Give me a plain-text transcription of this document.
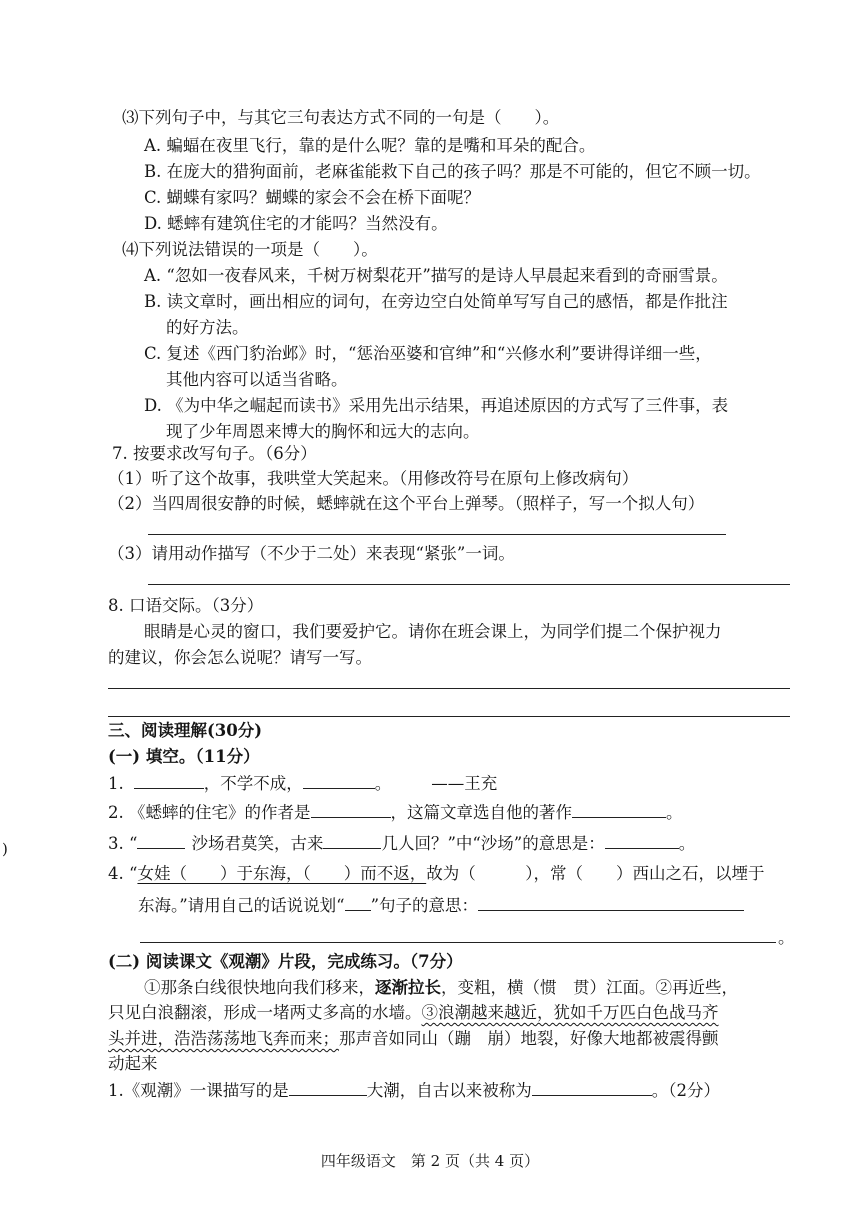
⑶下列句子中，与其它三句表达方式不同的一句是（　　）。
A. 蝙蝠在夜里飞行，靠的是什么呢？靠的是嘴和耳朵的配合。
B. 在庞大的猎狗面前，老麻雀能救下自己的孩子吗？那是不可能的，但它不顾一切。
C. 蝴蝶有家吗？蝴蝶的家会不会在桥下面呢？
D. 蟋蟀有建筑住宅的才能吗？当然没有。
⑷下列说法错误的一项是（　　）。
A. “忽如一夜春风来，千树万树梨花开”描写的是诗人早晨起来看到的奇丽雪景。
B. 读文章时，画出相应的词句，在旁边空白处简单写写自己的感悟，都是作批注
的好方法。
C. 复述《西门豹治邺》时，“惩治巫婆和官绅”和“兴修水利”要讲得详细一些，
其他内容可以适当省略。
D. 《为中华之崛起而读书》采用先出示结果，再追述原因的方式写了三件事，表
现了少年周恩来博大的胸怀和远大的志向。
7. 按要求改写句子。（6分）
（1）听了这个故事，我哄堂大笑起来。（用修改符号在原句上修改病句）
（2）当四周很安静的时候，蟋蟀就在这个平台上弹琴。（照样子，写一个拟人句）
（3）请用动作描写（不少于二处）来表现“紧张”一词。
8. 口语交际。（3分）
眼睛是心灵的窗口，我们要爱护它。请你在班会课上，为同学们提二个保护视力
的建议，你会怎么说呢？请写一写。
三、阅读理解(30分)
(一) 填空。（11分）
1.	，不学不成，	。 ——王充
2. 《蟋蟀的住宅》的作者是	，这篇文章选自他的著作	。
3. “	沙场君莫笑，古来	几人回？”中“沙场”的意思是：	。
4. “女娃（　　）于东海，（　　）而不返，故为（　　　），常（　　）西山之石，以堙于
东海。”请用自己的话说说划“ ”句子的意思：
。
(二) 阅读课文《观潮》片段，完成练习。（7分）
①那条白线很快地向我们移来，逐渐拉长，变粗，横（惯　贯）江面。②再近些，
只见白浪翻滚，形成一堵两丈多高的水墙。③浪潮越来越近，犹如千万匹白色战马齐
头并进，浩浩荡荡地飞奔而来；那声音如同山（蹦　崩）地裂，好像大地都被震得颤
动起来
1.《观潮》一课描写的是	大潮，自古以来被称为	。（2分）
四年级语文　第 2 页（共 4 页）
)
